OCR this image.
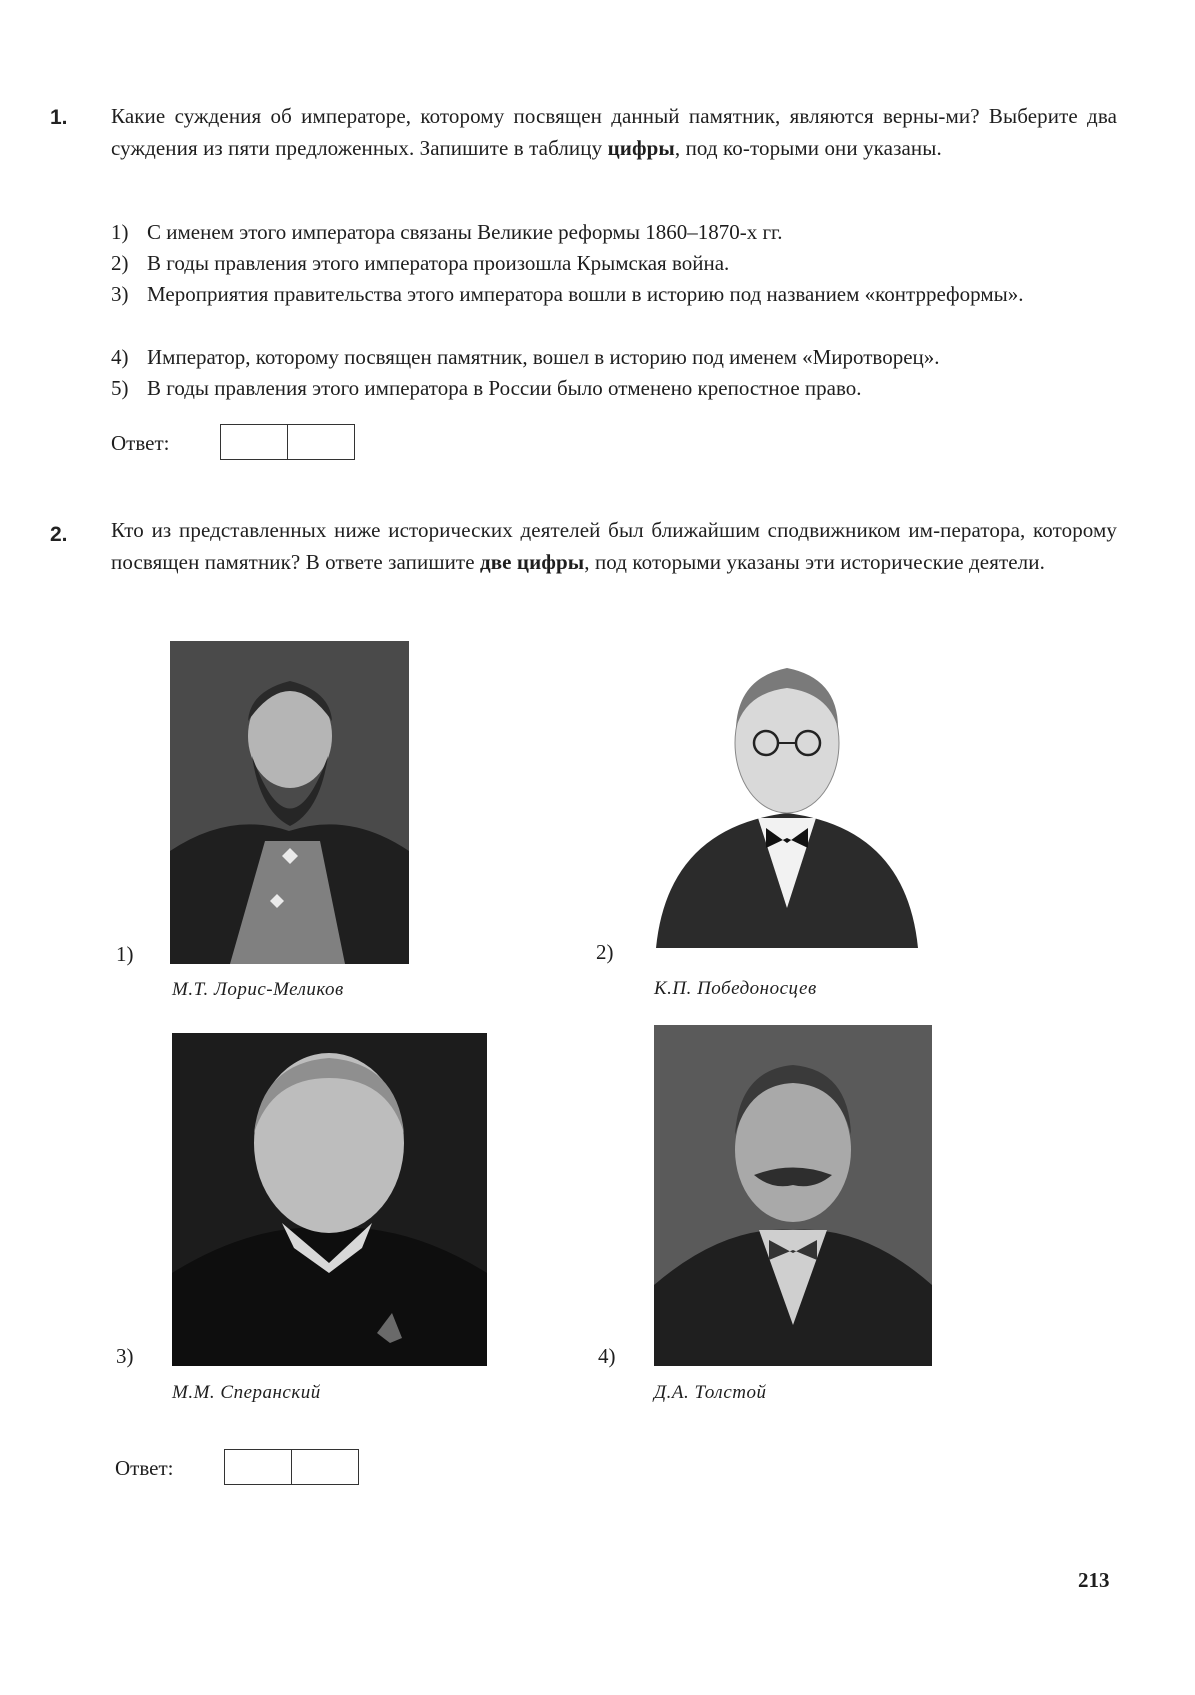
1. Какие суждения об императоре, которому посвящен данный памятник, являются верны-ми? Выберите два суждения из пяти предложенных. Запишите в таблицу цифры, под ко-торыми они указаны.
1) С именем этого императора связаны Великие реформы 1860–1870-х гг.
2) В годы правления этого императора произошла Крымская война.
3) Мероприятия правительства этого императора вошли в историю под названием «контрреформы».
4) Император, которому посвящен памятник, вошел в историю под именем «Миротворец».
5) В годы правления этого императора в России было отменено крепостное право.
Ответ:
2. Кто из представленных ниже исторических деятелей был ближайшим сподвижником им-ператора, которому посвящен памятник? В ответе запишите две цифры, под которыми указаны эти исторические деятели.
1)
М.Т. Лорис-Меликов
2)
К.П. Победоносцев
3)
М.М. Сперанский
4)
Д.А. Толстой
Ответ:
213
